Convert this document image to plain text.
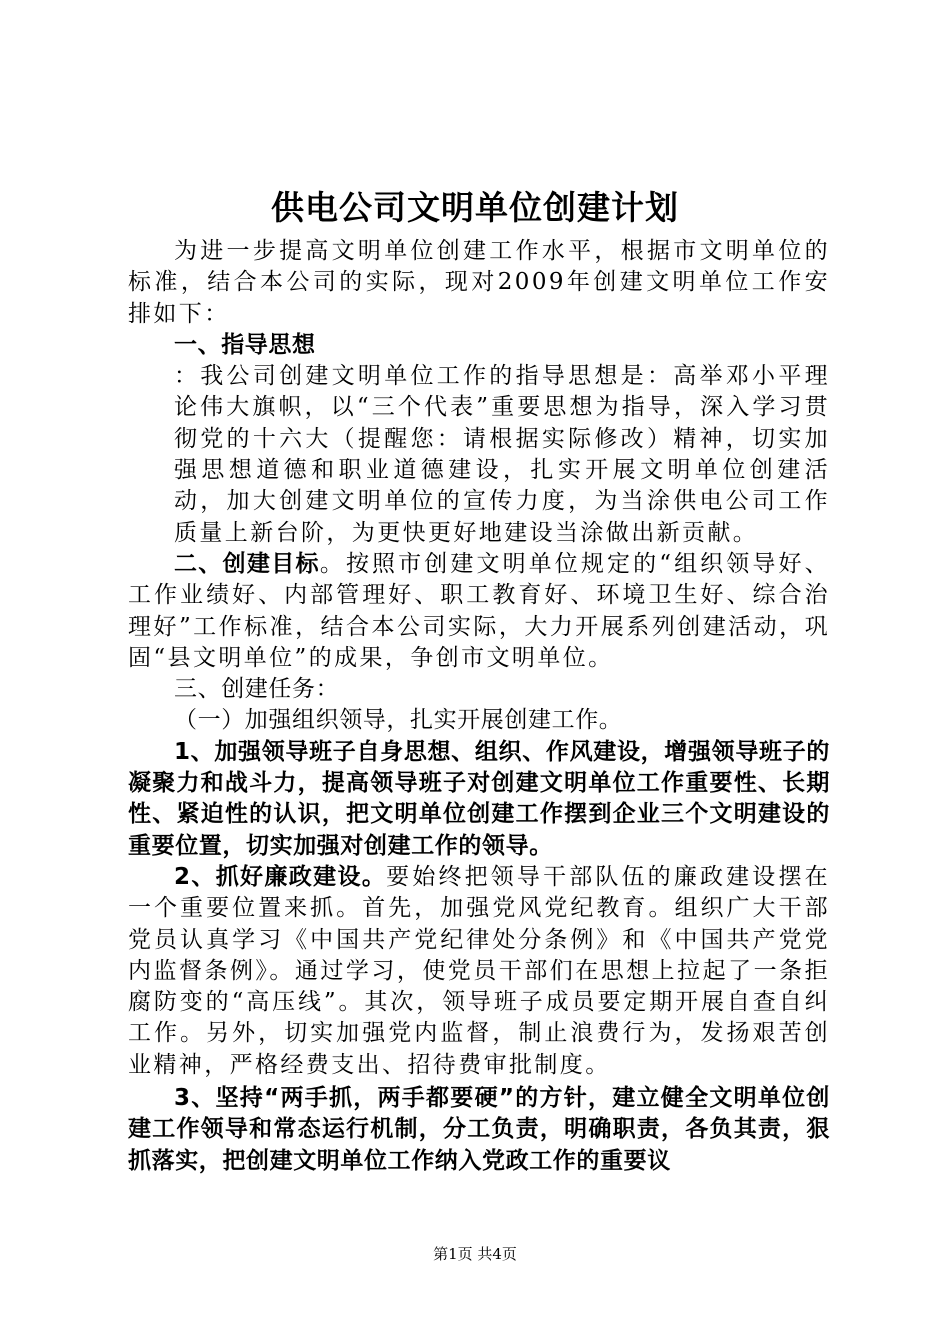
供电公司文明单位创建计划

为进一步提高文明单位创建工作水平，根据市文明单位的标准，结合本公司的实际，现对2009年创建文明单位工作安排如下：

一、指导思想

：我公司创建文明单位工作的指导思想是：高举邓小平理论伟大旗帜，以“三个代表”重要思想为指导，深入学习贯彻党的十六大（提醒您：请根据实际修改）精神，切实加强思想道德和职业道德建设，扎实开展文明单位创建活动，加大创建文明单位的宣传力度，为当涂供电公司工作质量上新台阶，为更快更好地建设当涂做出新贡献。

二、创建目标。按照市创建文明单位规定的“组织领导好、工作业绩好、内部管理好、职工教育好、环境卫生好、综合治理好”工作标准，结合本公司实际，大力开展系列创建活动，巩固“县文明单位”的成果，争创市文明单位。

三、创建任务：

（一）加强组织领导，扎实开展创建工作。

1、加强领导班子自身思想、组织、作风建设，增强领导班子的凝聚力和战斗力，提高领导班子对创建文明单位工作重要性、长期性、紧迫性的认识，把文明单位创建工作摆到企业三个文明建设的重要位置，切实加强对创建工作的领导。

2、抓好廉政建设。要始终把领导干部队伍的廉政建设摆在一个重要位置来抓。首先，加强党风党纪教育。组织广大干部党员认真学习《中国共产党纪律处分条例》和《中国共产党党内监督条例》。通过学习，使党员干部们在思想上拉起了一条拒腐防变的“高压线”。其次，领导班子成员要定期开展自查自纠工作。另外，切实加强党内监督，制止浪费行为，发扬艰苦创业精神，严格经费支出、招待费审批制度。

3、坚持“两手抓，两手都要硬”的方针，建立健全文明单位创建工作领导和常态运行机制，分工负责，明确职责，各负其责，狠抓落实，把创建文明单位工作纳入党政工作的重要议

第1页 共4页
